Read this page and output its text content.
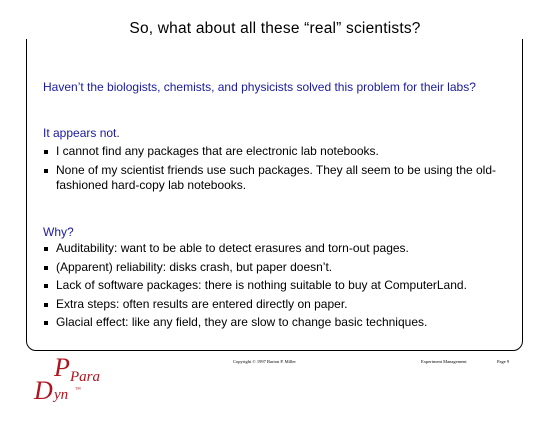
So, what about all these “real” scientists?
Haven’t the biologists, chemists, and physicists solved this problem for their labs?
It appears not.
I cannot find any packages that are electronic lab notebooks.
None of my scientist friends use such packages. They all seem to be using the old-fashioned hard-copy lab notebooks.
Why?
Auditability: want to be able to detect erasures and torn-out pages.
(Apparent) reliability: disks crash, but paper doesn’t.
Lack of software packages: there is nothing suitable to buy at ComputerLand.
Extra steps: often results are entered directly on paper.
Glacial effect: like any field, they are slow to change basic techniques.
Copyright © 1997 Barton P. Miller	Experiment Management	Page 9
P Para
D yn ™
